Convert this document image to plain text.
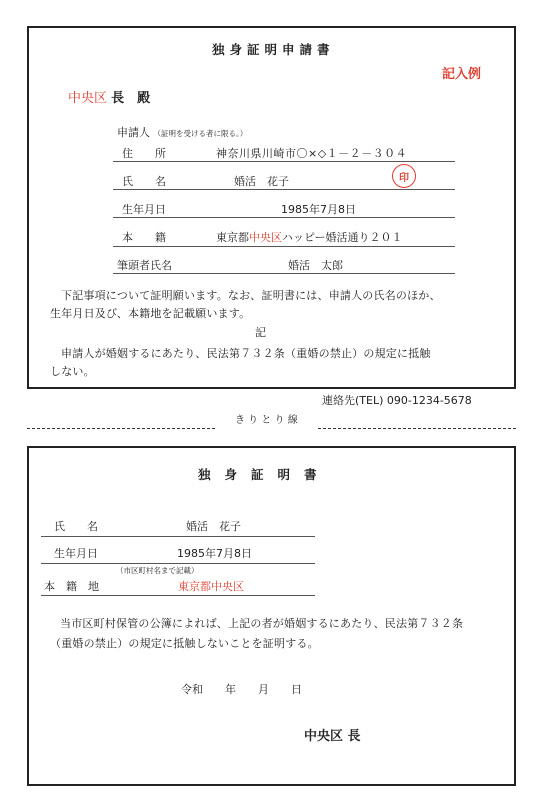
独身証明申請書
記入例
中央区 長　殿
申請人 （証明を受ける者に限る。）
住　　所	神奈川県川崎市〇×◇１－２－３０４
氏　　名	婚活　花子	印
生年月日	1985年7月8日
本　　籍	東京都中央区ハッピー婚活通り２０１
筆頭者氏名	婚活　太郎
下記事項について証明願います。なお、証明書には、申請人の氏名のほか、
生年月日及び、本籍地を記載願います。
記
申請人が婚姻するにあたり、民法第７３２条（重婚の禁止）の規定に抵触
しない。
連絡先(TEL) 090-1234-5678
き り と り 線
独身証明書
氏　　名	婚活　花子
生年月日	1985年7月8日
（市区町村名まで記載）
本　籍　地	東京都中央区
当市区町村保管の公簿によれば、上記の者が婚姻するにあたり、民法第７３２条
（重婚の禁止）の規定に抵触しないことを証明する。
令和　　年　　月　　日
中央区 長
